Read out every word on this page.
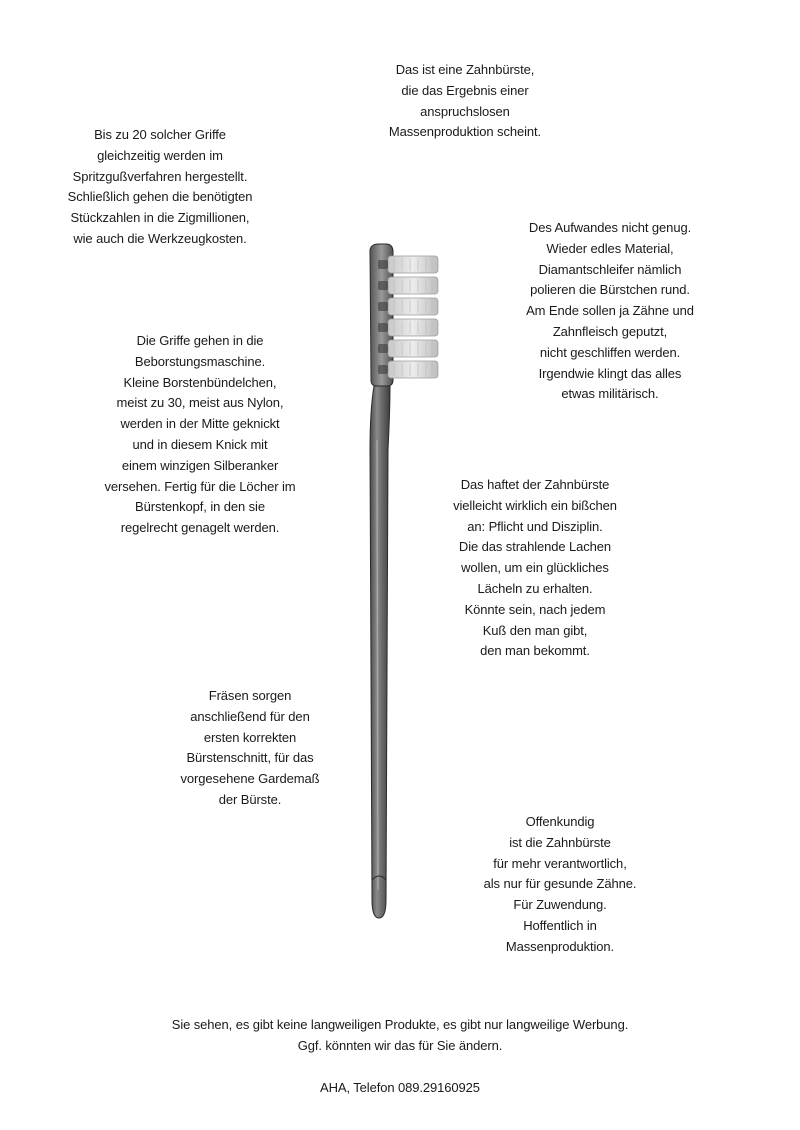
Das ist eine Zahnbürste,
die das Ergebnis einer
anspruchslosen
Massenproduktion scheint.
Bis zu 20 solcher Griffe
gleichzeitig werden im
Spritzgußverfahren hergestellt.
Schließlich gehen die benötigten
Stückzahlen in die Zigmillionen,
wie auch die Werkzeugkosten.
Des Aufwandes nicht genug.
Wieder edles Material,
Diamantschleifer nämlich
polieren die Bürstchen rund.
Am Ende sollen ja Zähne und
Zahnfleisch geputzt,
nicht geschliffen werden.
Irgendwie klingt das alles
etwas militärisch.
Die Griffe gehen in die
Beborstungsmaschine.
Kleine Borstenbündelchen,
meist zu 30, meist aus Nylon,
werden in der Mitte geknickt
und in diesem Knick mit
einem winzigen Silberanker
versehen. Fertig für die Löcher im
Bürstenkopf, in den sie
regelrecht genagelt werden.
Das haftet der Zahnbürste
vielleicht wirklich ein bißchen
an: Pflicht und Disziplin.
Die das strahlende Lachen
wollen, um ein glückliches
Lächeln zu erhalten.
Könnte sein, nach jedem
Kuß den man gibt,
den man bekommt.
Fräsen sorgen
anschließend für den
ersten korrekten
Bürstenschnitt, für das
vorgesehene Gardemaß
der Bürste.
Offenkundig
ist die Zahnbürste
für mehr verantwortlich,
als nur für gesunde Zähne.
Für Zuwendung.
Hoffentlich in
Massenproduktion.
Sie sehen, es gibt keine langweiligen Produkte, es gibt nur langweilige Werbung.
Ggf. könnten wir das für Sie ändern.
AHA, Telefon 089.29160925
